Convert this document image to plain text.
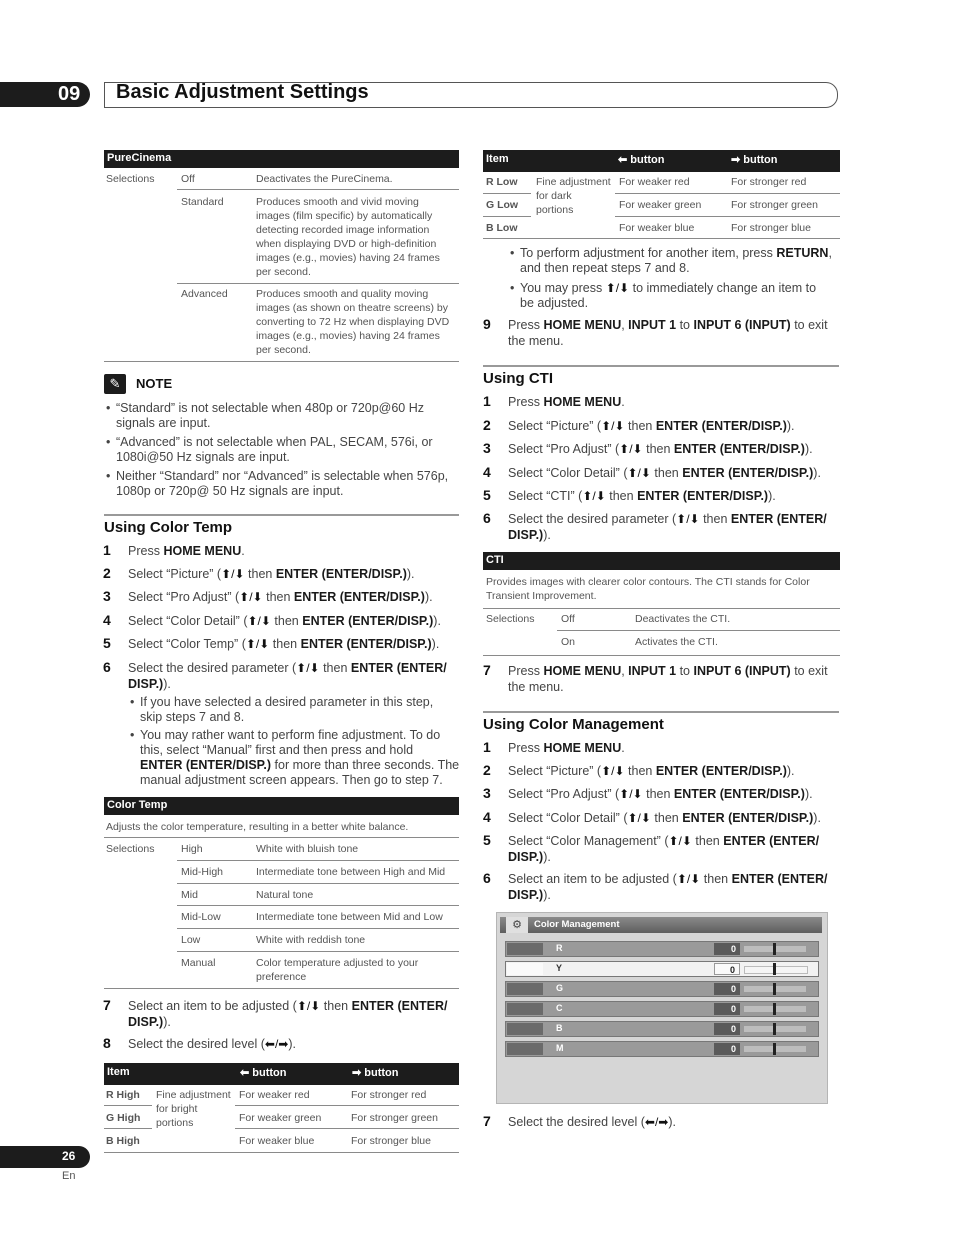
09 Basic Adjustment Settings
PureCinema
Selections	Off	Deactivates the PureCinema.
Standard	Produces smooth and vivid moving
images (film specific) by automatically
detecting recorded image information
when displaying DVD or high-definition
images (e.g., movies) having 24 frames
per second.
Advanced	Produces smooth and quality moving
images (as shown on theatre screens) by
converting to 72 Hz when displaying DVD
images (e.g., movies) having 24 frames
per second.
✎	NOTE
• “Standard” is not selectable when 480p or 720p@60 Hz
signals are input.
• “Advanced” is not selectable when PAL, SECAM, 576i, or
1080i@50 Hz signals are input.
• Neither “Standard” nor “Advanced” is selectable when 576p,
1080p or 720p@ 50 Hz signals are input.
Using Color Temp
1 Press HOME MENU.
2 Select “Picture” (⬆/⬇ then ENTER (ENTER/DISP.)).
3 Select “Pro Adjust” (⬆/⬇ then ENTER (ENTER/DISP.)).
4 Select “Color Detail” (⬆/⬇ then ENTER (ENTER/DISP.)).
5 Select “Color Temp” (⬆/⬇ then ENTER (ENTER/DISP.)).
6 Select the desired parameter (⬆/⬇ then ENTER (ENTER/
DISP.)).
• If you have selected a desired parameter in this step,
skip steps 7 and 8.
• You may rather want to perform fine adjustment. To do
this, select “Manual” first and then press and hold
ENTER (ENTER/DISP.) for more than three seconds. The
manual adjustment screen appears. Then go to step 7.
Color Temp
Adjusts the color temperature, resulting in a better white balance.
Selections	High	White with bluish tone
Mid-High	Intermediate tone between High and Mid
Mid	Natural tone
Mid-Low	Intermediate tone between Mid and Low
Low	White with reddish tone
Manual	Color temperature adjusted to your
preference
7 Select an item to be adjusted (⬆/⬇ then ENTER (ENTER/
DISP.)).
8 Select the desired level (⬅/➡).
Item	⬅ button	➡ button
Fine adjustment
for bright
portions
R High	For weaker red	For stronger red
G High	For weaker green	For stronger green
B High	For weaker blue	For stronger blue
Item	⬅ button	➡ button
Fine adjustment
for dark
portions
R Low	For weaker red	For stronger red
G Low	For weaker green	For stronger green
B Low	For weaker blue	For stronger blue
• To perform adjustment for another item, press RETURN,
and then repeat steps 7 and 8.
• You may press ⬆/⬇ to immediately change an item to
be adjusted.
9 Press HOME MENU, INPUT 1 to INPUT 6 (INPUT) to exit
the menu.
Using CTI
1 Press HOME MENU.
2 Select “Picture” (⬆/⬇ then ENTER (ENTER/DISP.)).
3 Select “Pro Adjust” (⬆/⬇ then ENTER (ENTER/DISP.)).
4 Select “Color Detail” (⬆/⬇ then ENTER (ENTER/DISP.)).
5 Select “CTI” (⬆/⬇ then ENTER (ENTER/DISP.)).
6 Select the desired parameter (⬆/⬇ then ENTER (ENTER/
DISP.)).
CTI
Provides images with clearer color contours. The CTI stands for Color
Transient Improvement.
Selections	Off	Deactivates the CTI.
On	Activates the CTI.
7 Press HOME MENU, INPUT 1 to INPUT 6 (INPUT) to exit
the menu.
Using Color Management
1 Press HOME MENU.
2 Select “Picture” (⬆/⬇ then ENTER (ENTER/DISP.)).
3 Select “Pro Adjust” (⬆/⬇ then ENTER (ENTER/DISP.)).
4 Select “Color Detail” (⬆/⬇ then ENTER (ENTER/DISP.)).
5 Select “Color Management” (⬆/⬇ then ENTER (ENTER/
DISP.)).
6 Select an item to be adjusted (⬆/⬇ then ENTER (ENTER/
DISP.)).
⚙	Color Management
R	0
Y	0
G	0
C	0
B	0
M	0
7 Select the desired level (⬅/➡).
26
En
